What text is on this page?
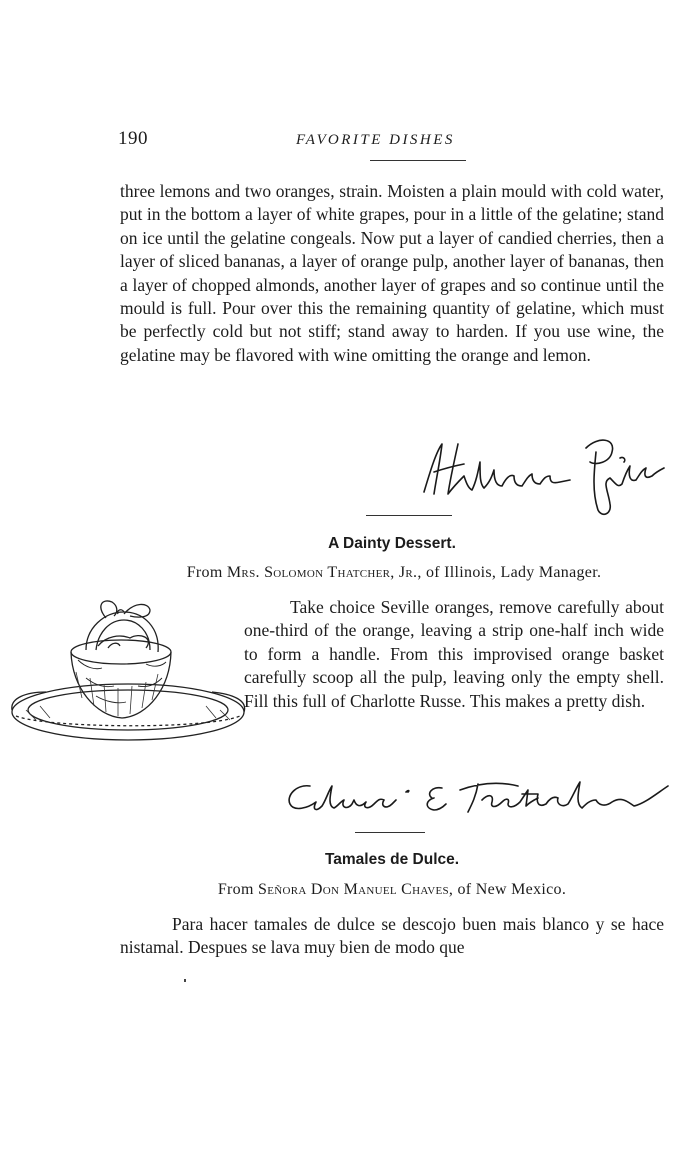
190	FAVORITE DISHES

three lemons and two oranges, strain. Moisten a plain mould with cold water, put in the bottom a layer of white grapes, pour in a little of the gelatine; stand on ice until the gelatine congeals. Now put a layer of candied cherries, then a layer of sliced bananas, a layer of orange pulp, another layer of bananas, then a layer of chopped almonds, another layer of grapes and so continue until the mould is full. Pour over this the remaining quantity of gelatine, which must be perfectly cold but not stiff; stand away to harden. If you use wine, the gelatine may be flavored with wine omitting the orange and lemon.

A Dainty Dessert.
From Mrs. Solomon Thatcher, Jr., of Illinois, Lady Manager.

Take choice Seville oranges, remove carefully about one-third of the orange, leaving a strip one-half inch wide to form a handle. From this improvised orange basket carefully scoop all the pulp, leaving only the empty shell. Fill this full of Charlotte Russe. This makes a pretty dish.

Tamales de Dulce.
From Señora Don Manuel Chaves, of New Mexico.

Para hacer tamales de dulce se descojo buen mais blanco y se hace nistamal. Despues se lava muy bien de modo que
